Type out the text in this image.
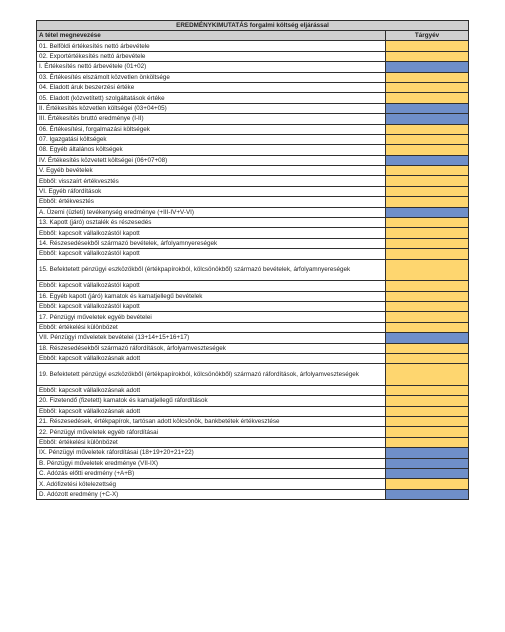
EREDMÉNYKIMUTATÁS forgalmi költség eljárással	
A tétel megnevezése	Tárgyév
01. Belföldi értékesítés nettó árbevétele	
02. Exportértékesítés nettó árbevétele	
I. Értékesítés nettó árbevétele (01+02)	
03. Értékesítés elszámolt közvetlen önköltsége	
04. Eladott áruk beszerzési értéke	
05. Eladott (közvetített) szolgáltatások értéke	
II. Értékesítés közvetlen költségei (03+04+05)	
III. Értékesítés bruttó eredménye (I-II)	
06. Értékesítési, forgalmazási költségek	
07. Igazgatási költségek	
08. Egyéb általános költségek	
IV. Értékesítés közvetett költségei (06+07+08)	
V. Egyéb bevételek	
Ebből: visszaírt értékvesztés	
VI. Egyéb ráfordítások	
Ebből: értékvesztés	
A. Üzemi (üzleti) tevékenység eredménye (+III-IV+V-VI)	
13. Kapott (járó) osztalék és részesedés	
Ebből: kapcsolt vállalkozástól kapott	
14. Részesedésekből származó bevételek, árfolyamnyereségek	
Ebből: kapcsolt vállalkozástól kapott	
15. Befektetett pénzügyi eszközökből (értékpapírokból, kölcsönökből) származó bevételek, árfolyamnyereségek	
Ebből: kapcsolt vállalkozástól kapott	
16. Egyéb kapott (járó) kamatok és kamatjellegű bevételek	
Ebből: kapcsolt vállalkozástól kapott	
17. Pénzügyi műveletek egyéb bevételei	
Ebből: értékelési különbözet	
VII. Pénzügyi műveletek bevételei (13+14+15+16+17)	
18. Részesedésekből származó ráfordítások, árfolyamveszteségek	
Ebből: kapcsolt vállalkozásnak adott	
19. Befektetett pénzügyi eszközökből (értékpapírokból, kölcsönökből) származó ráfordítások, árfolyamveszteségek	
Ebből: kapcsolt vállalkozásnak adott	
20. Fizetendő (fizetett) kamatok és kamatjellegű ráfordítások	
Ebből: kapcsolt vállalkozásnak adott	
21. Részesedések, értékpapírok, tartósan adott kölcsönök, bankbetétek értékvesztése	
22. Pénzügyi műveletek egyéb ráfordításai	
Ebből: értékelési különbözet	
IX. Pénzügyi műveletek ráfordításai (18+19+20+21+22)	
B. Pénzügyi műveletek eredménye (VII-IX)	
C. Adózás előtti eredmény (+A+B)	
X. Adófizetési kötelezettség	
D. Adózott eredmény (+C-X)	
